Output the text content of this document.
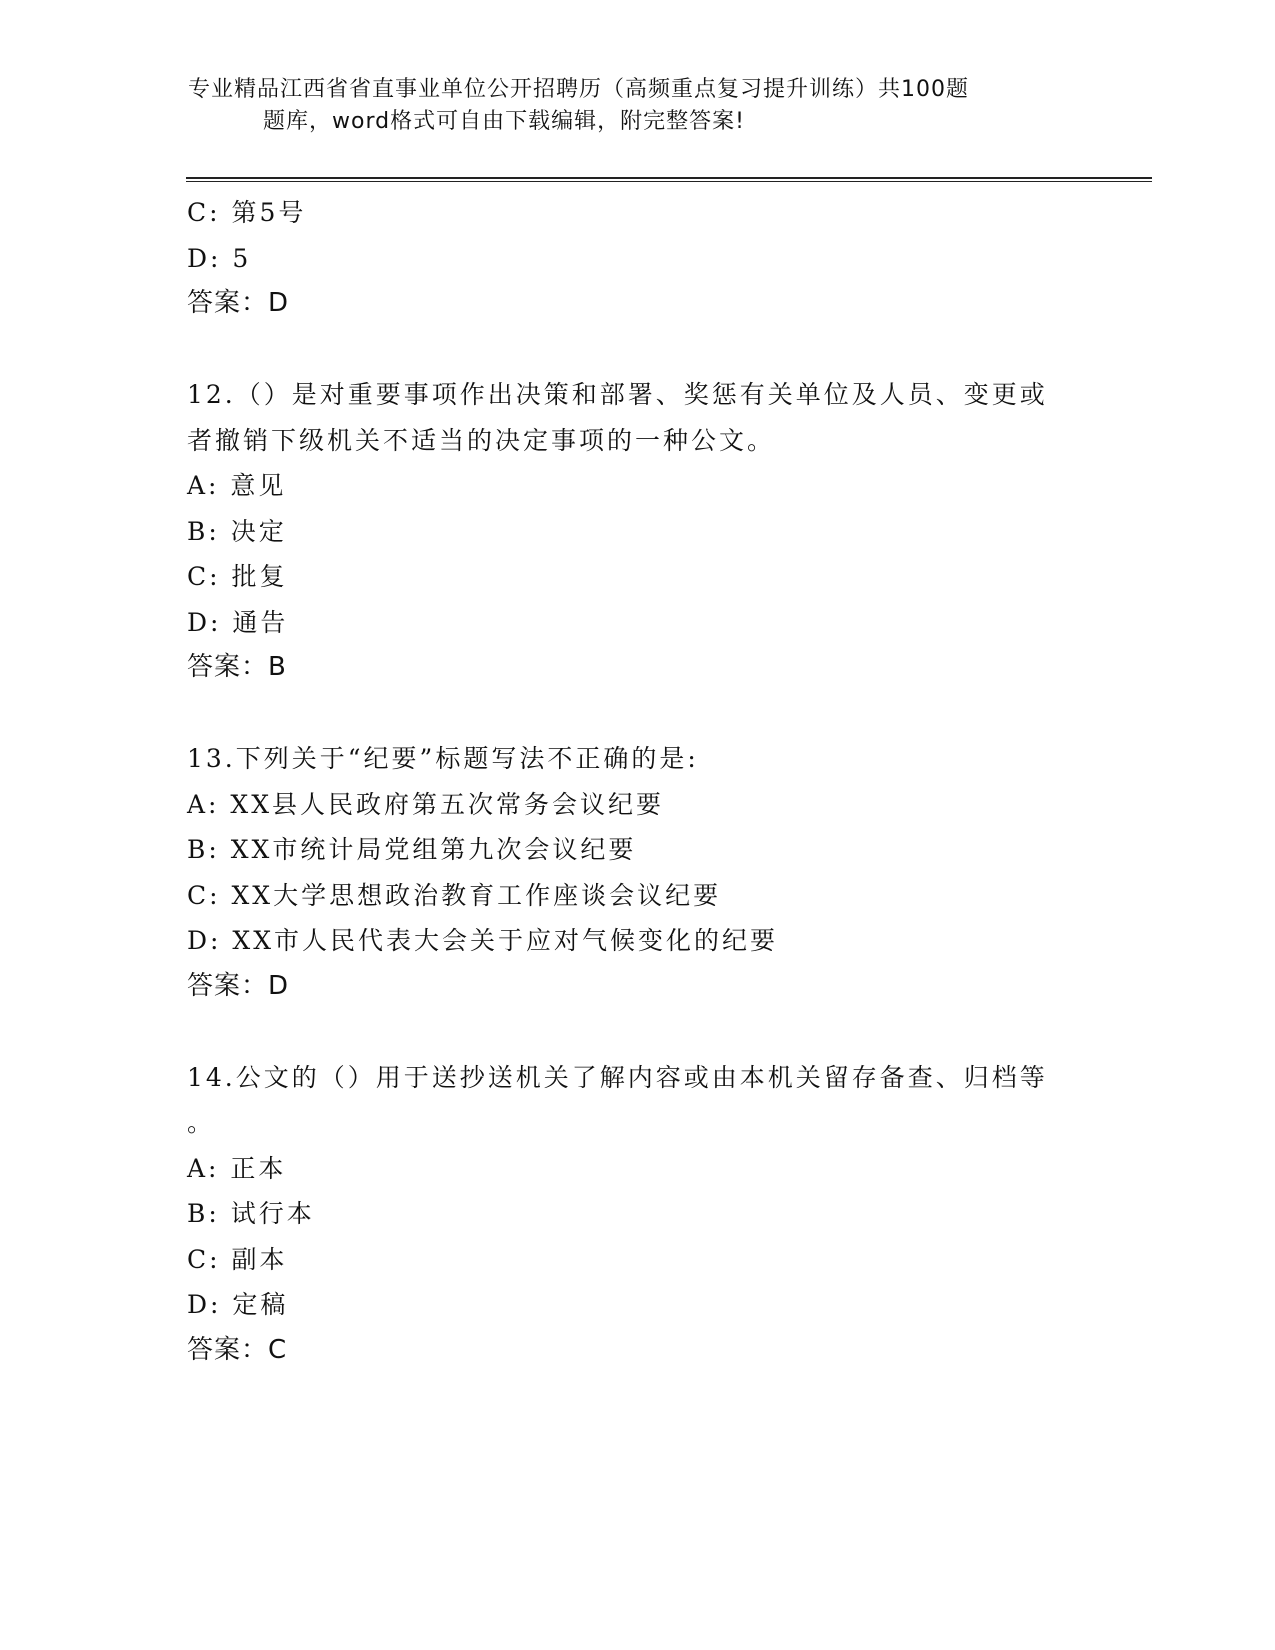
专业精品江西省省直事业单位公开招聘历（高频重点复习提升训练）共100题
题库，word格式可自由下载编辑，附完整答案!
C: 第5号
D: 5
答案：D
12.（）是对重要事项作出决策和部署、奖惩有关单位及人员、变更或
者撤销下级机关不适当的决定事项的一种公文。
A: 意见
B: 决定
C: 批复
D: 通告
答案：B
13.下列关于“纪要”标题写法不正确的是:
A: XX县人民政府第五次常务会议纪要
B: XX市统计局党组第九次会议纪要
C: XX大学思想政治教育工作座谈会议纪要
D: XX市人民代表大会关于应对气候变化的纪要
答案：D
14.公文的（）用于送抄送机关了解内容或由本机关留存备查、归档等
。
A: 正本
B: 试行本
C: 副本
D: 定稿
答案：C
